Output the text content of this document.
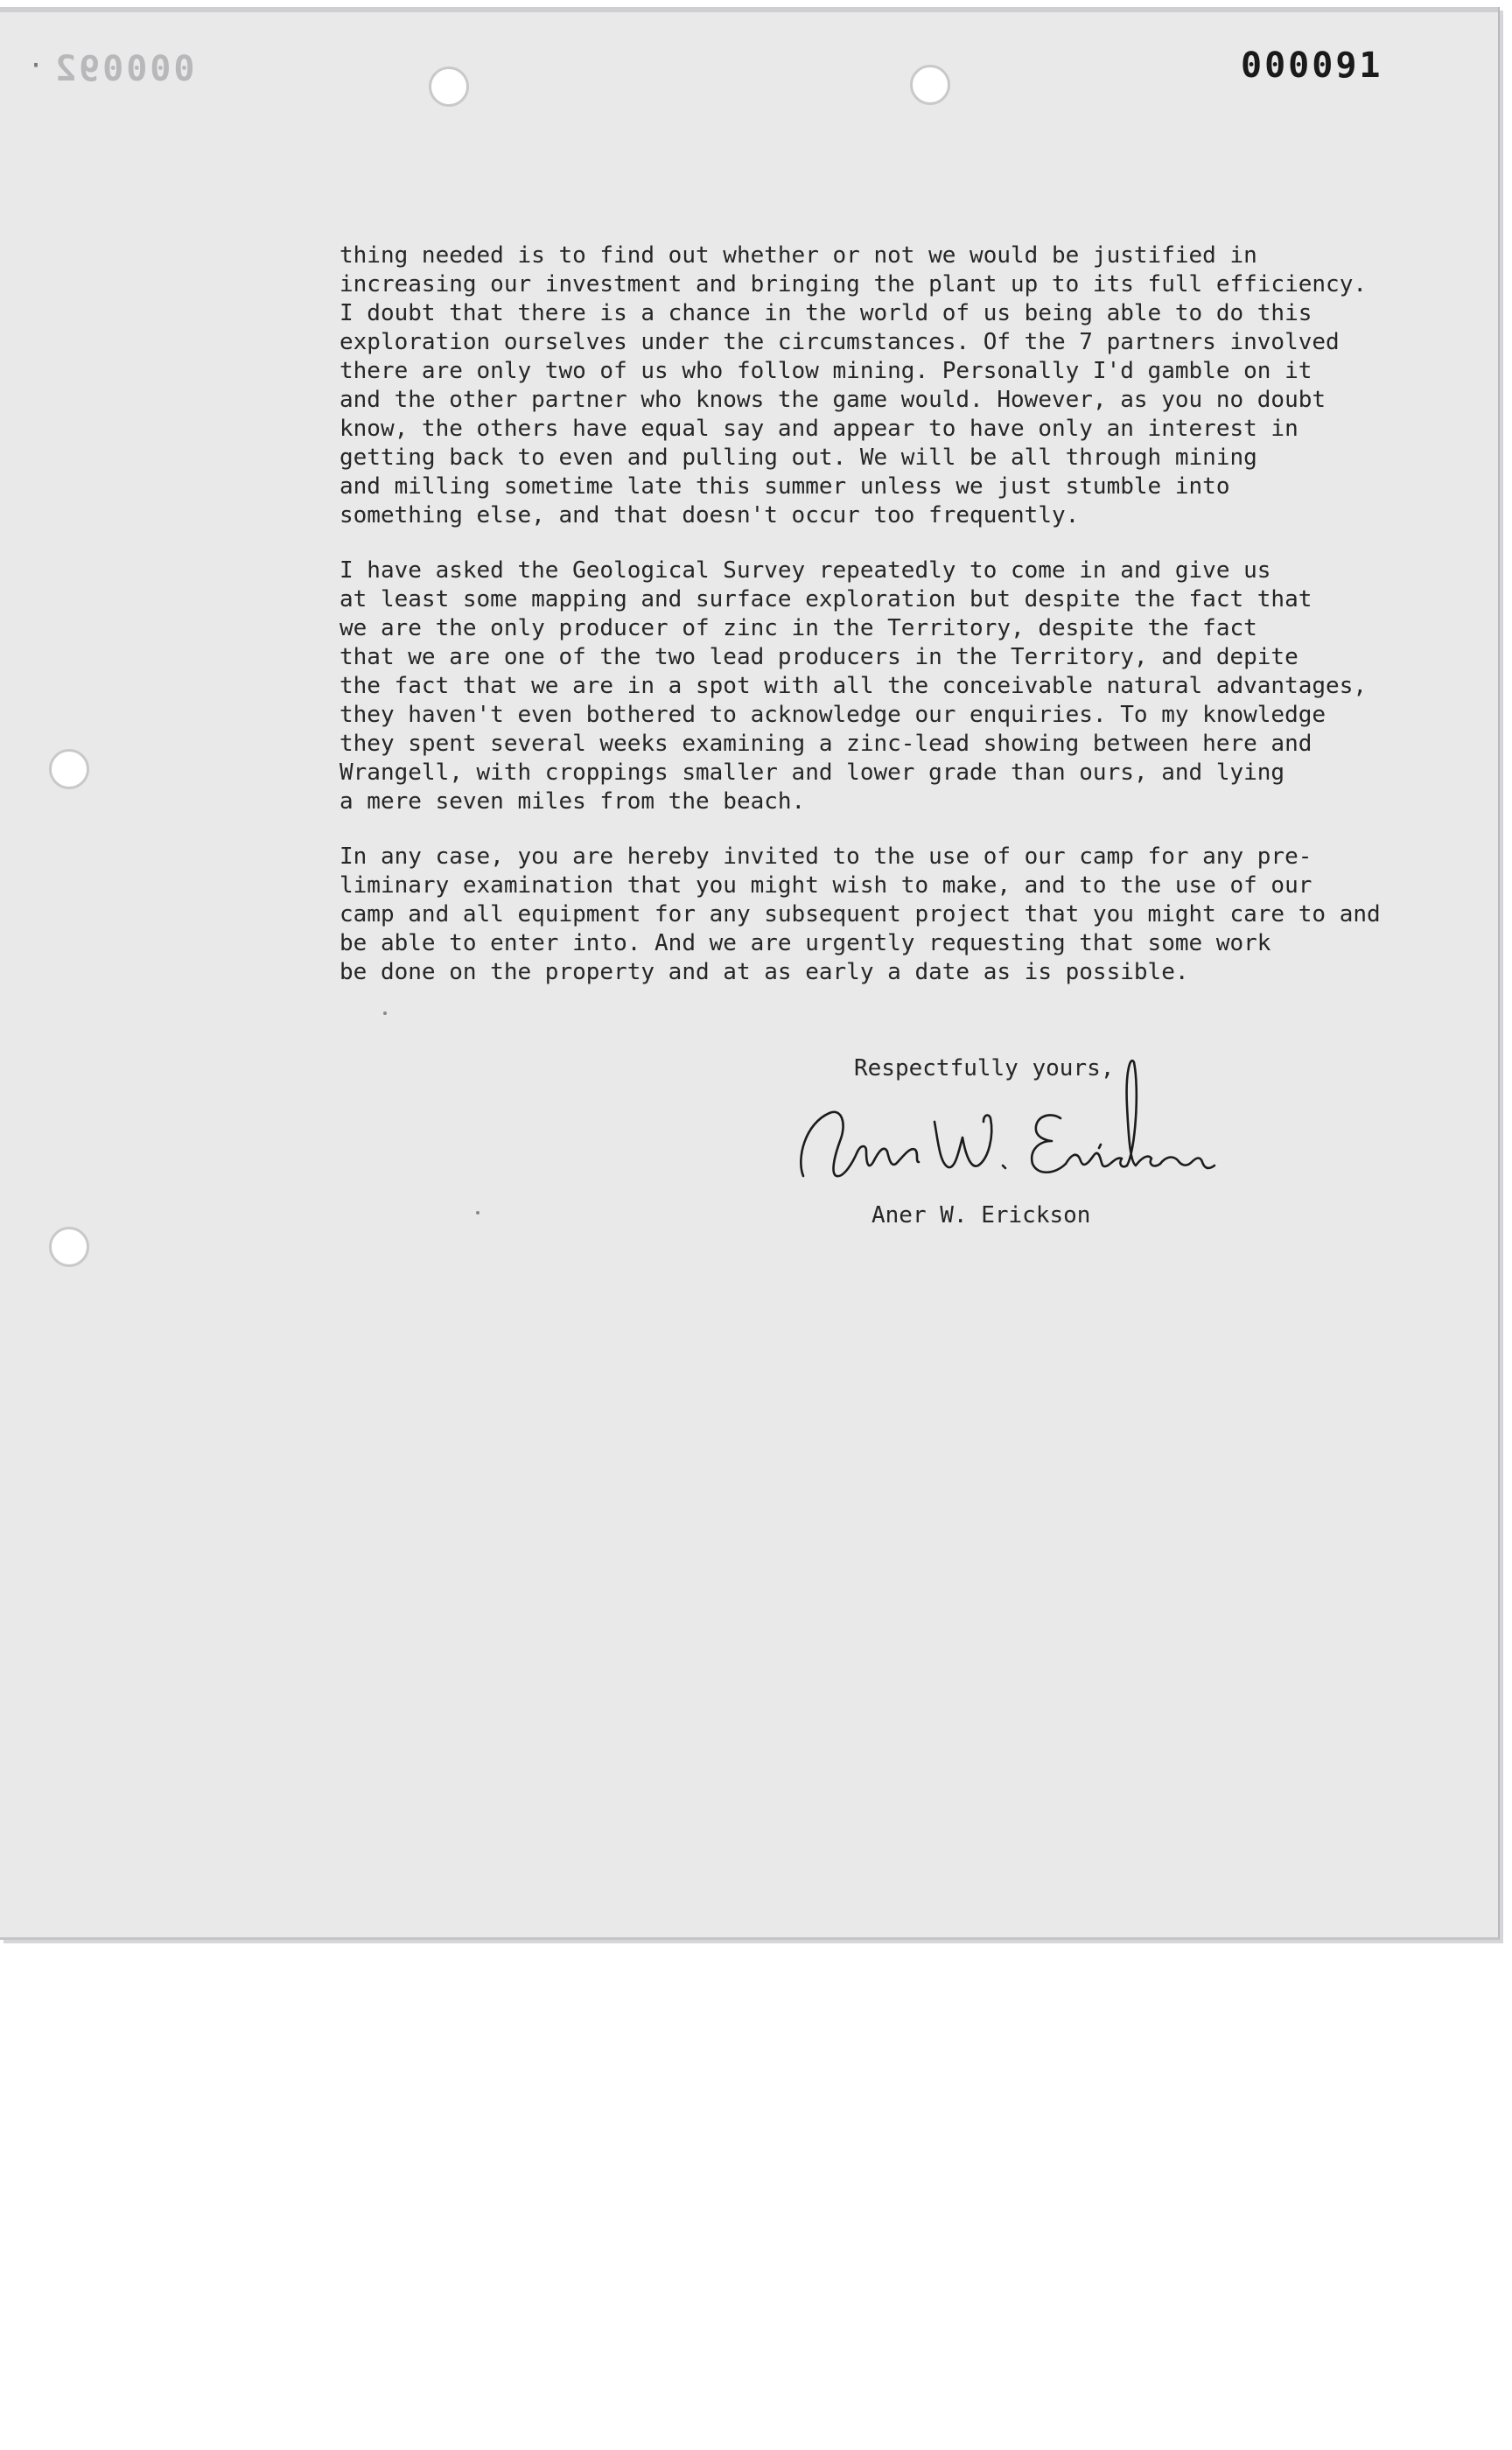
· 000092	000091
thing needed is to find out whether or not we would be justified in
increasing our investment and bringing the plant up to its full efficiency.
I doubt that there is a chance in the world of us being able to do this
exploration ourselves under the circumstances. Of the 7 partners involved
there are only two of us who follow mining. Personally I'd gamble on it
and the other partner who knows the game would. However, as you no doubt
know, the others have equal say and appear to have only an interest in
getting back to even and pulling out. We will be all through mining
and milling sometime late this summer unless we just stumble into
something else, and that doesn't occur too frequently.
I have asked the Geological Survey repeatedly to come in and give us
at least some mapping and surface exploration but despite the fact that
we are the only producer of zinc in the Territory, despite the fact
that we are one of the two lead producers in the Territory, and depite
the fact that we are in a spot with all the conceivable natural advantages,
they haven't even bothered to acknowledge our enquiries. To my knowledge
they spent several weeks examining a zinc-lead showing between here and
Wrangell, with croppings smaller and lower grade than ours, and lying
a mere seven miles from the beach.
In any case, you are hereby invited to the use of our camp for any pre-
liminary examination that you might wish to make, and to the use of our
camp and all equipment for any subsequent project that you might care to and
be able to enter into. And we are urgently requesting that some work
be done on the property and at as early a date as is possible.
Respectfully yours,
Aner W. Erickson
